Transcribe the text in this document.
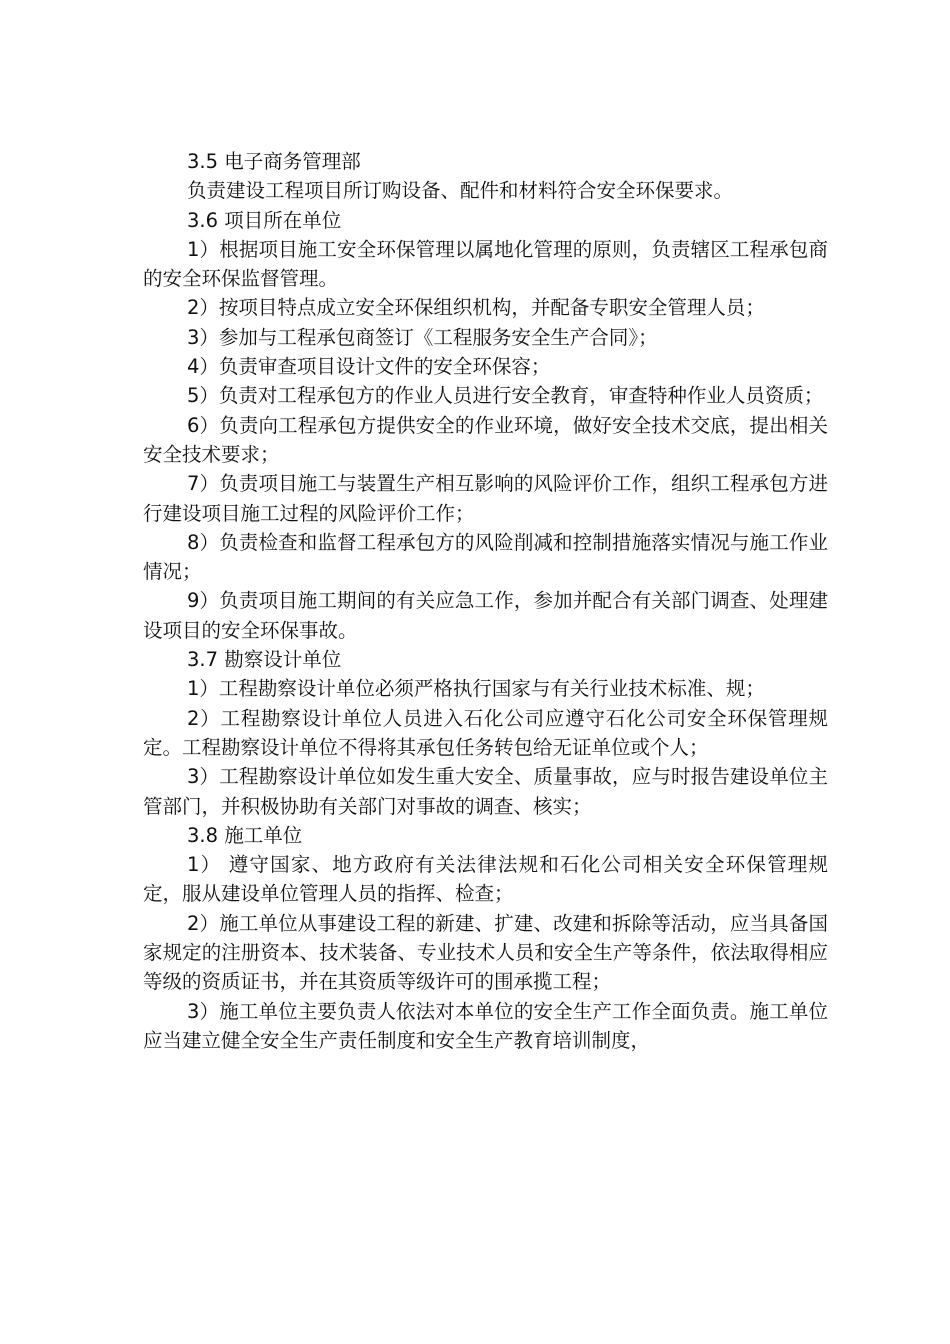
3.5 电子商务管理部

负责建设工程项目所订购设备、配件和材料符合安全环保要求。

3.6 项目所在单位

1）根据项目施工安全环保管理以属地化管理的原则，负责辖区工程承包商的安全环保监督管理。

2）按项目特点成立安全环保组织机构，并配备专职安全管理人员；

3）参加与工程承包商签订《工程服务安全生产合同》；

4）负责审查项目设计文件的安全环保容；

5）负责对工程承包方的作业人员进行安全教育，审查特种作业人员资质；

6）负责向工程承包方提供安全的作业环境，做好安全技术交底，提出相关安全技术要求；

7）负责项目施工与装置生产相互影响的风险评价工作，组织工程承包方进行建设项目施工过程的风险评价工作；

8）负责检查和监督工程承包方的风险削减和控制措施落实情况与施工作业情况；

9）负责项目施工期间的有关应急工作，参加并配合有关部门调查、处理建设项目的安全环保事故。

3.7 勘察设计单位

1）工程勘察设计单位必须严格执行国家与有关行业技术标准、规；

2）工程勘察设计单位人员进入石化公司应遵守石化公司安全环保管理规定。工程勘察设计单位不得将其承包任务转包给无证单位或个人；

3）工程勘察设计单位如发生重大安全、质量事故，应与时报告建设单位主管部门，并积极协助有关部门对事故的调查、核实；

3.8 施工单位

1） 遵守国家、地方政府有关法律法规和石化公司相关安全环保管理规定，服从建设单位管理人员的指挥、检查；

2）施工单位从事建设工程的新建、扩建、改建和拆除等活动，应当具备国家规定的注册资本、技术装备、专业技术人员和安全生产等条件，依法取得相应等级的资质证书，并在其资质等级许可的围承揽工程；

3）施工单位主要负责人依法对本单位的安全生产工作全面负责。施工单位应当建立健全安全生产责任制度和安全生产教育培训制度，
